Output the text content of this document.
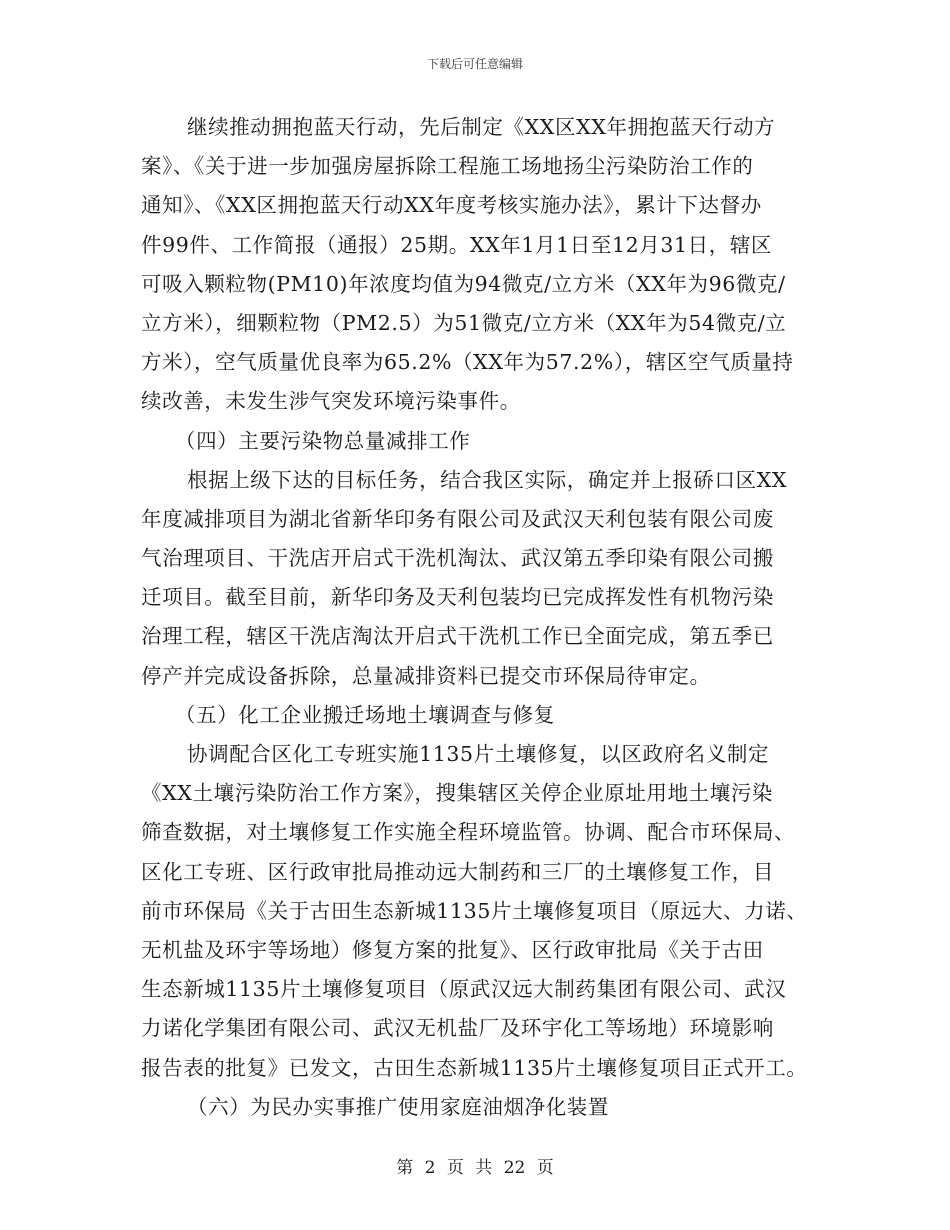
下载后可任意编辑
继续推动拥抱蓝天行动，先后制定《XX区XX年拥抱蓝天行动方
案》、《关于进一步加强房屋拆除工程施工场地扬尘污染防治工作的
通知》、《XX区拥抱蓝天行动XX年度考核实施办法》，累计下达督办
件99件、工作简报（通报）25期。XX年1月1日至12月31日，辖区
可吸入颗粒物(PM10)年浓度均值为94微克/立方米（XX年为96微克/
立方米），细颗粒物（PM2.5）为51微克/立方米（XX年为54微克/立
方米），空气质量优良率为65.2%（XX年为57.2%），辖区空气质量持
续改善，未发生涉气突发环境污染事件。
（四）主要污染物总量减排工作
根据上级下达的目标任务，结合我区实际，确定并上报硚口区XX
年度减排项目为湖北省新华印务有限公司及武汉天利包装有限公司废
气治理项目、干洗店开启式干洗机淘汰、武汉第五季印染有限公司搬
迁项目。截至目前，新华印务及天利包装均已完成挥发性有机物污染
治理工程，辖区干洗店淘汰开启式干洗机工作已全面完成，第五季已
停产并完成设备拆除，总量减排资料已提交市环保局待审定。
（五）化工企业搬迁场地土壤调查与修复
协调配合区化工专班实施1135片土壤修复，以区政府名义制定
《XX土壤污染防治工作方案》，搜集辖区关停企业原址用地土壤污染
筛查数据，对土壤修复工作实施全程环境监管。协调、配合市环保局、
区化工专班、区行政审批局推动远大制药和三厂的土壤修复工作，目
前市环保局《关于古田生态新城1135片土壤修复项目（原远大、力诺、
无机盐及环宇等场地）修复方案的批复》、区行政审批局《关于古田
生态新城1135片土壤修复项目（原武汉远大制药集团有限公司、武汉
力诺化学集团有限公司、武汉无机盐厂及环宇化工等场地）环境影响
报告表的批复》已发文，古田生态新城1135片土壤修复项目正式开工。
（六）为民办实事推广使用家庭油烟净化装置
第 2 页 共 22 页
